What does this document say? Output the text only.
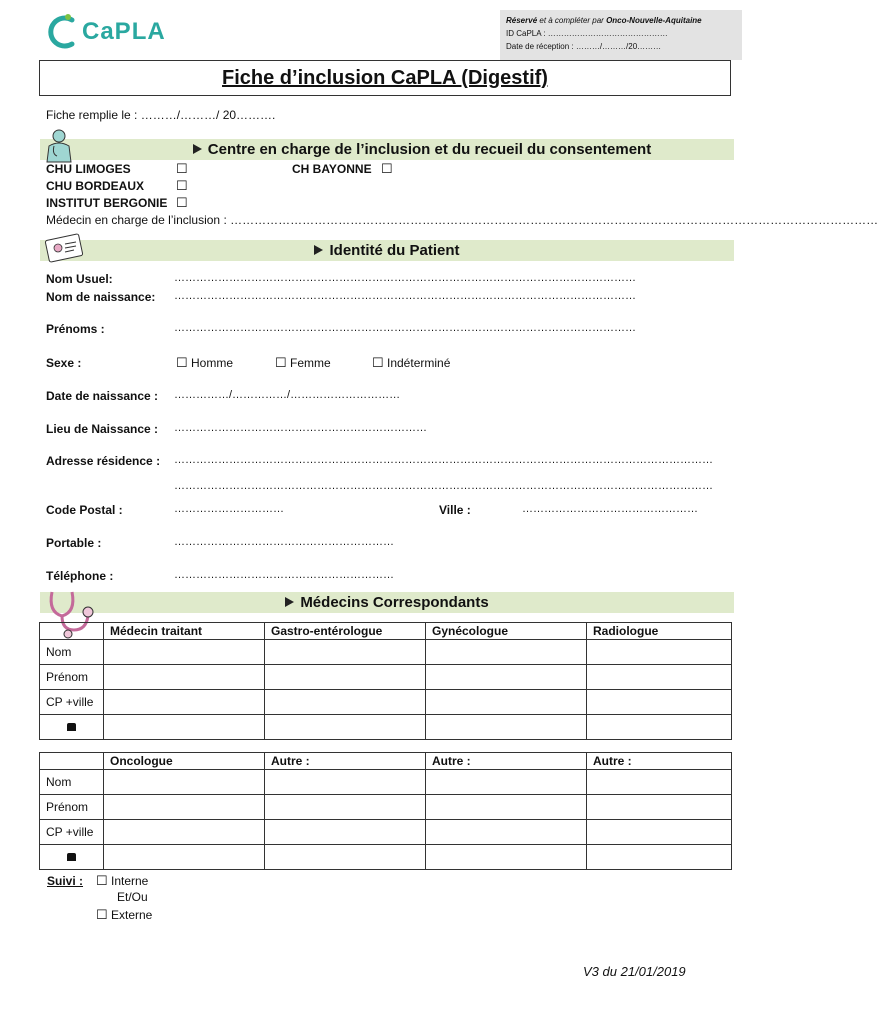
CaPLA	Réservé et à compléter par Onco-Nouvelle-Aquitaine
ID CaPLA : ………………………………………
Date de réception : ………/………/20………
Fiche d’inclusion CaPLA (Digestif)
Fiche remplie le : ………/………/ 20……….
Centre en charge de l’inclusion et du recueil du consentement
CHU LIMOGES	☐	CH BAYONNE ☐
CHU BORDEAUX ☐
INSTITUT BERGONIE ☐
Médecin en charge de l’inclusion : ………………………………………………………………………………………………………………………………………………
Identité du Patient
Nom Usuel:	………………………………………………………………………………………………………………
Nom de naissance: ………………………………………………………………………………………………………………
Prénoms :	………………………………………………………………………………………………………………
Sexe :	☐ Homme	☐ Femme	☐ Indéterminé
Date de naissance : ……………/……………/…………………………
Lieu de Naissance : ……………………………………………………………
Adresse résidence : …………………………………………………………………………………………………………………………………
…………………………………………………………………………………………………………………………………
Code Postal :	…………………………	Ville :	…………………………………………
Portable :	……………………………………………………
Téléphone :	……………………………………………………
Médecins Correspondants
	Médecin traitant	Gastro-entérologue	Gynécologue	Radiologue
Nom				
Prénom				
CP +ville				

	Oncologue	Autre :	Autre :	Autre :
Nom				
Prénom				
CP +ville				

Suivi : ☐ Interne
Et/Ou
☐ Externe
V3 du 21/01/2019
